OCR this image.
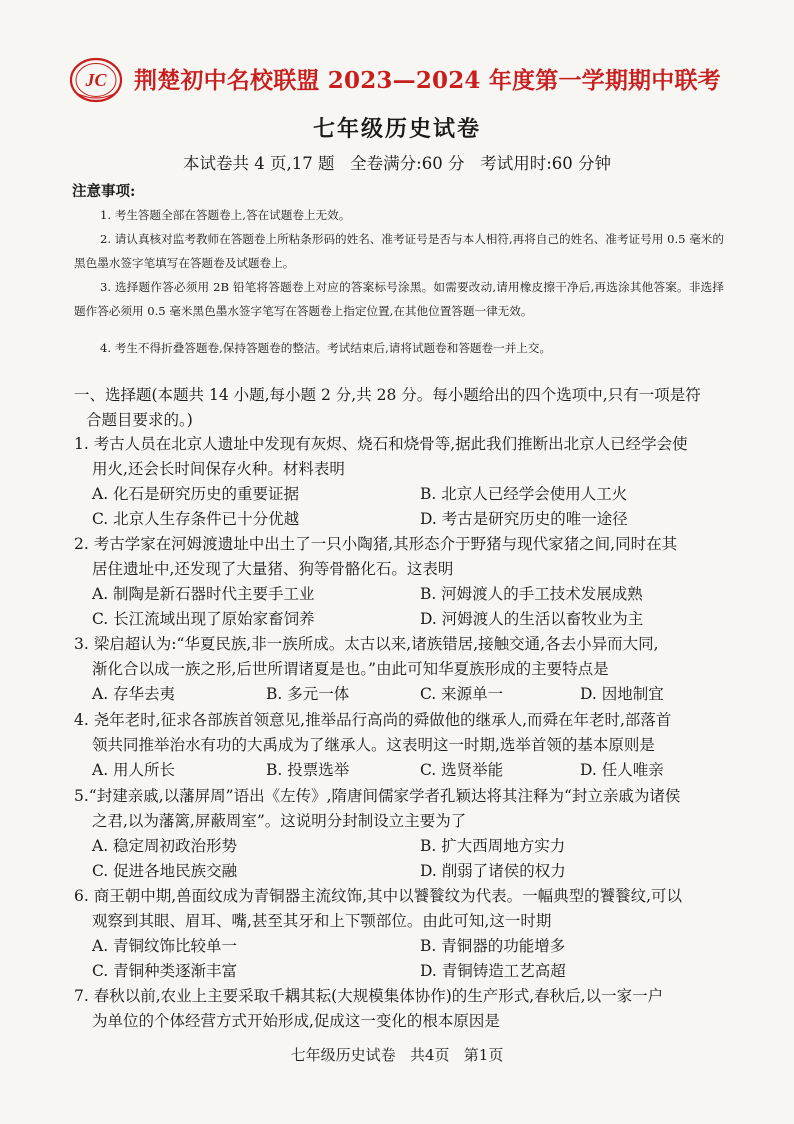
JC 荆楚初中名校联盟 2023—2024 年度第一学期期中联考
七年级历史试卷
本试卷共 4 页,17 题   全卷满分:60 分   考试用时:60 分钟
注意事项:
1. 考生答题全部在答题卷上,答在试题卷上无效。
2. 请认真核对监考教师在答题卷上所粘条形码的姓名、准考证号是否与本人相符,再将自己的姓名、准考证号用 0.5 毫米的黑色墨水签字笔填写在答题卷及试题卷上。
3. 选择题作答必须用 2B 铅笔将答题卷上对应的答案标号涂黑。如需要改动,请用橡皮擦干净后,再选涂其他答案。非选择题作答必须用 0.5 毫米黑色墨水签字笔写在答题卷上指定位置,在其他位置答题一律无效。
4. 考生不得折叠答题卷,保持答题卷的整洁。考试结束后,请将试题卷和答题卷一并上交。
一、选择题(本题共 14 小题,每小题 2 分,共 28 分。每小题给出的四个选项中,只有一项是符
合题目要求的。)
1. 考古人员在北京人遗址中发现有灰烬、烧石和烧骨等,据此我们推断出北京人已经学会使
用火,还会长时间保存火种。材料表明
A. 化石是研究历史的重要证据	B. 北京人已经学会使用人工火
C. 北京人生存条件已十分优越	D. 考古是研究历史的唯一途径
2. 考古学家在河姆渡遗址中出土了一只小陶猪,其形态介于野猪与现代家猪之间,同时在其
居住遗址中,还发现了大量猪、狗等骨骼化石。这表明
A. 制陶是新石器时代主要手工业	B. 河姆渡人的手工技术发展成熟
C. 长江流域出现了原始家畜饲养	D. 河姆渡人的生活以畜牧业为主
3. 梁启超认为:“华夏民族,非一族所成。太古以来,诸族错居,接触交通,各去小异而大同,
渐化合以成一族之形,后世所谓诸夏是也。”由此可知华夏族形成的主要特点是
A. 存华去夷	B. 多元一体	C. 来源单一	D. 因地制宜
4. 尧年老时,征求各部族首领意见,推举品行高尚的舜做他的继承人,而舜在年老时,部落首
领共同推举治水有功的大禹成为了继承人。这表明这一时期,选举首领的基本原则是
A. 用人所长	B. 投票选举	C. 选贤举能	D. 任人唯亲
5.“封建亲戚,以藩屏周”语出《左传》,隋唐间儒家学者孔颖达将其注释为“封立亲戚为诸侯
之君,以为藩篱,屏蔽周室”。这说明分封制设立主要为了
A. 稳定周初政治形势	B. 扩大西周地方实力
C. 促进各地民族交融	D. 削弱了诸侯的权力
6. 商王朝中期,兽面纹成为青铜器主流纹饰,其中以饕餮纹为代表。一幅典型的饕餮纹,可以
观察到其眼、眉耳、嘴,甚至其牙和上下颚部位。由此可知,这一时期
A. 青铜纹饰比较单一	B. 青铜器的功能增多
C. 青铜种类逐渐丰富	D. 青铜铸造工艺高超
7. 春秋以前,农业上主要采取千耦其耘(大规模集体协作)的生产形式,春秋后,以一家一户
为单位的个体经营方式开始形成,促成这一变化的根本原因是
七年级历史试卷   共4页   第1页
